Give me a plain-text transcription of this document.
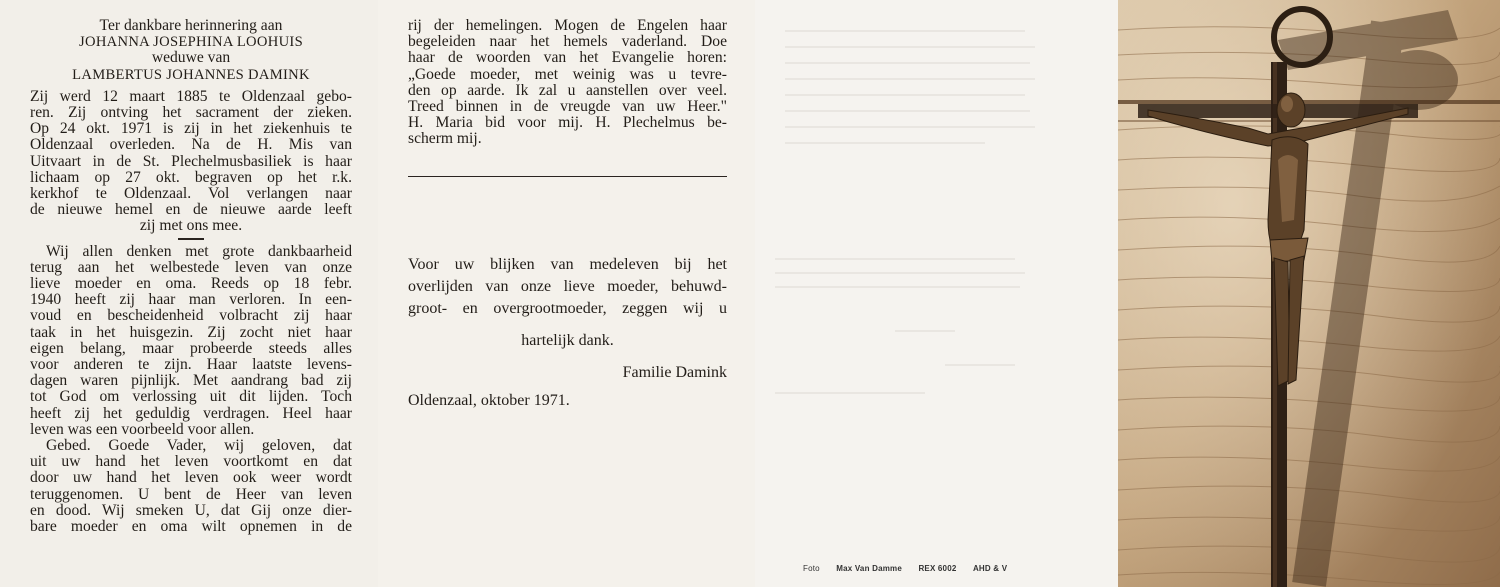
Ter dankbare herinnering aan
JOHANNA JOSEPHINA LOOHUIS
weduwe van
LAMBERTUS JOHANNES DAMINK
Zij werd 12 maart 1885 te Oldenzaal gebo-
ren. Zij ontving het sacrament der zieken.
Op 24 okt. 1971 is zij in het ziekenhuis te
Oldenzaal overleden. Na de H. Mis van
Uitvaart in de St. Plechelmusbasiliek is haar
lichaam op 27 okt. begraven op het r.k.
kerkhof te Oldenzaal. Vol verlangen naar
de nieuwe hemel en de nieuwe aarde leeft
zij met ons mee.
Wij allen denken met grote dankbaarheid
terug aan het welbestede leven van onze
lieve moeder en oma. Reeds op 18 febr.
1940 heeft zij haar man verloren. In een-
voud en bescheidenheid volbracht zij haar
taak in het huisgezin. Zij zocht niet haar
eigen belang, maar probeerde steeds alles
voor anderen te zijn. Haar laatste levens-
dagen waren pijnlijk. Met aandrang bad zij
tot God om verlossing uit dit lijden. Toch
heeft zij het geduldig verdragen. Heel haar
leven was een voorbeeld voor allen.
Gebed. Goede Vader, wij geloven, dat
uit uw hand het leven voortkomt en dat
door uw hand het leven ook weer wordt
teruggenomen. U bent de Heer van leven
en dood. Wij smeken U, dat Gij onze dier-
bare moeder en oma wilt opnemen in de
rij der hemelingen. Mogen de Engelen haar
begeleiden naar het hemels vaderland. Doe
haar de woorden van het Evangelie horen:
„Goede moeder, met weinig was u tevre-
den op aarde. Ik zal u aanstellen over veel.
Treed binnen in de vreugde van uw Heer."
H. Maria bid voor mij. H. Plechelmus be-
scherm mij.
Voor uw blijken van medeleven bij het
overlijden van onze lieve moeder, behuwd-
groot- en overgrootmoeder, zeggen wij u
hartelijk dank.
Familie Damink
Oldenzaal, oktober 1971.
Foto Max Van Damme REX 6002 AHD & V
